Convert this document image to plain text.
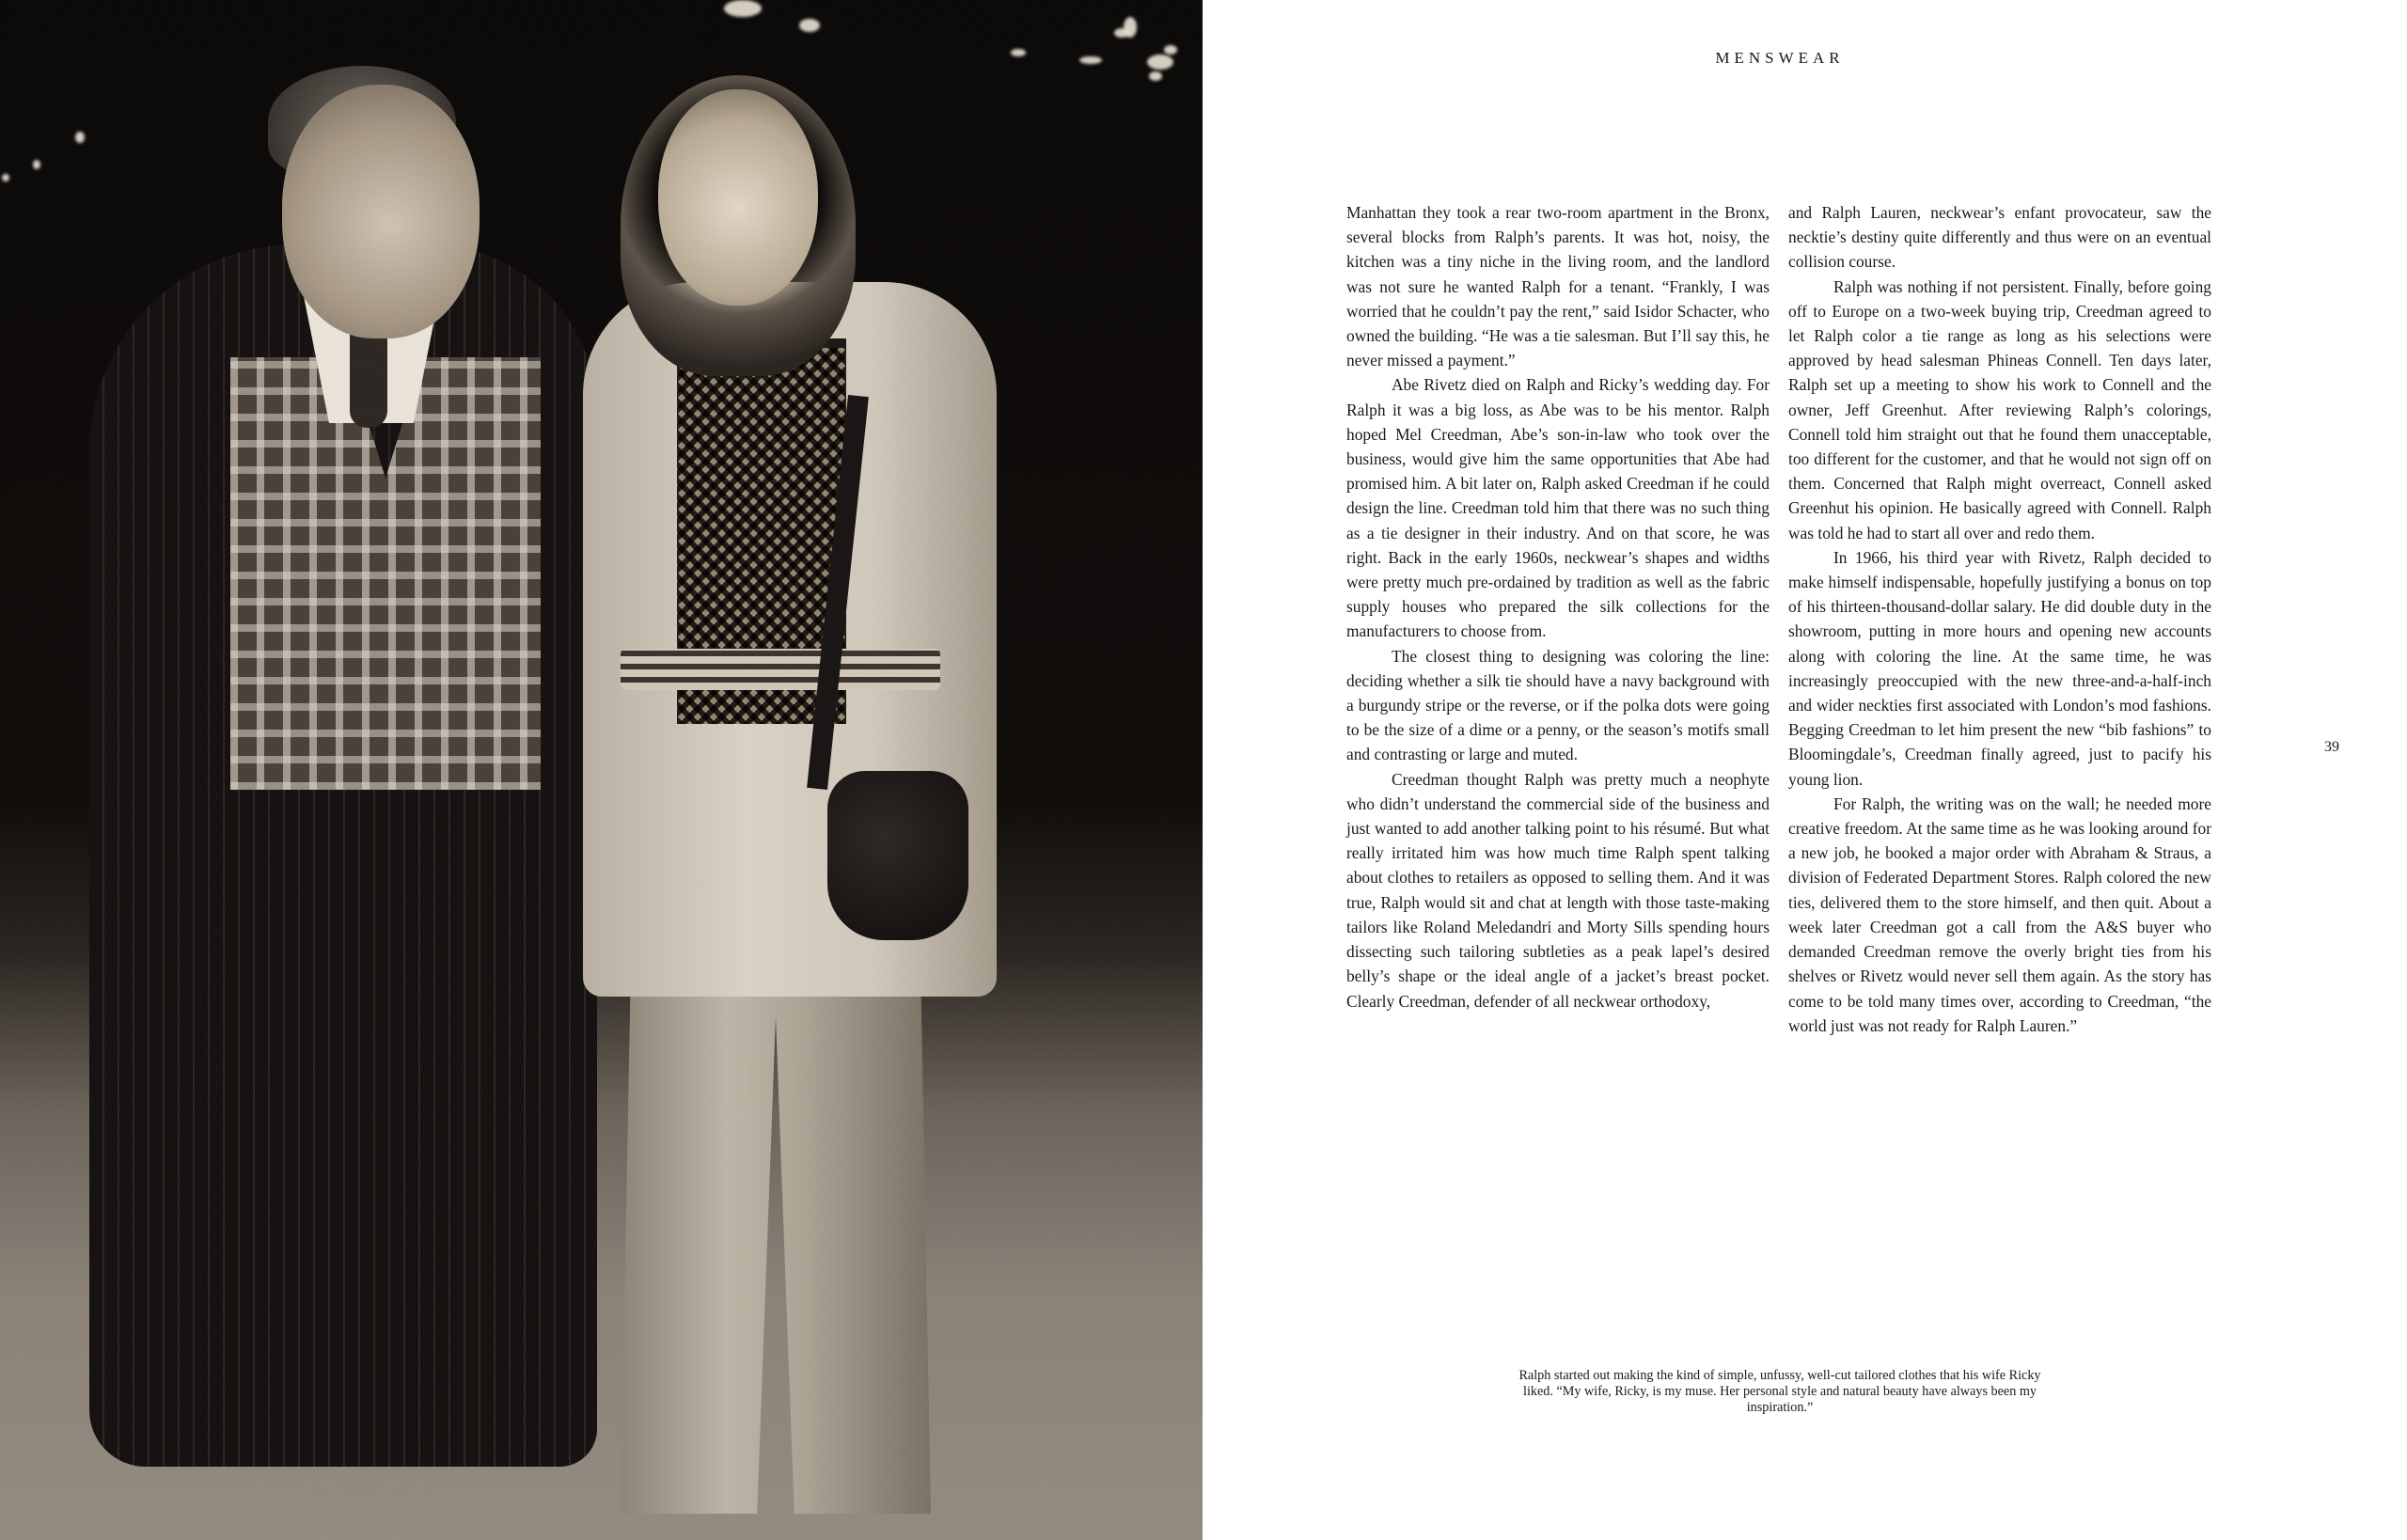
MENSWEAR

Manhattan they took a rear two-room apartment in the Bronx, several blocks from Ralph’s parents. It was hot, noisy, the kitchen was a tiny niche in the living room, and the landlord was not sure he wanted Ralph for a tenant. “Frankly, I was worried that he couldn’t pay the rent,” said Isidor Schacter, who owned the building. “He was a tie salesman. But I’ll say this, he never missed a payment.”

Abe Rivetz died on Ralph and Ricky’s wedding day. For Ralph it was a big loss, as Abe was to be his mentor. Ralph hoped Mel Creedman, Abe’s son-in-law who took over the business, would give him the same opportunities that Abe had promised him. A bit later on, Ralph asked Creedman if he could design the line. Creedman told him that there was no such thing as a tie designer in their industry. And on that score, he was right. Back in the early 1960s, neckwear’s shapes and widths were pretty much pre-ordained by tradition as well as the fabric supply houses who prepared the silk collections for the manufacturers to choose from.

The closest thing to designing was coloring the line: deciding whether a silk tie should have a navy background with a burgundy stripe or the reverse, or if the polka dots were going to be the size of a dime or a penny, or the season’s motifs small and contrasting or large and muted.

Creedman thought Ralph was pretty much a neophyte who didn’t understand the commercial side of the business and just wanted to add another talking point to his résumé. But what really irritated him was how much time Ralph spent talking about clothes to retailers as opposed to selling them. And it was true, Ralph would sit and chat at length with those taste-making tailors like Roland Meledandri and Morty Sills spending hours dissecting such tailoring subtleties as a peak lapel’s desired belly’s shape or the ideal angle of a jacket’s breast pocket. Clearly Creedman, defender of all neckwear orthodoxy,

and Ralph Lauren, neckwear’s enfant provocateur, saw the necktie’s destiny quite differently and thus were on an eventual collision course.

Ralph was nothing if not persistent. Finally, before going off to Europe on a two-week buying trip, Creedman agreed to let Ralph color a tie range as long as his selections were approved by head salesman Phineas Connell. Ten days later, Ralph set up a meeting to show his work to Connell and the owner, Jeff Greenhut. After reviewing Ralph’s colorings, Connell told him straight out that he found them unacceptable, too different for the customer, and that he would not sign off on them. Concerned that Ralph might overreact, Connell asked Greenhut his opinion. He basically agreed with Connell. Ralph was told he had to start all over and redo them.

In 1966, his third year with Rivetz, Ralph decided to make himself indispensable, hopefully justifying a bonus on top of his thirteen-thousand-dollar salary. He did double duty in the showroom, putting in more hours and opening new accounts along with coloring the line. At the same time, he was increasingly preoccupied with the new three-and-a-half-inch and wider neckties first associated with London’s mod fashions. Begging Creedman to let him present the new “bib fashions” to Bloomingdale’s, Creedman finally agreed, just to pacify his young lion.

For Ralph, the writing was on the wall; he needed more creative freedom. At the same time as he was looking around for a new job, he booked a major order with Abraham & Straus, a division of Federated Department Stores. Ralph colored the new ties, delivered them to the store himself, and then quit. About a week later Creedman got a call from the A&S buyer who demanded Creedman remove the overly bright ties from his shelves or Rivetz would never sell them again. As the story has come to be told many times over, according to Creedman, “the world just was not ready for Ralph Lauren.”

39
Ralph started out making the kind of simple, unfussy, well-cut tailored clothes that his wife Ricky liked. “My wife, Ricky, is my muse. Her personal style and natural beauty have always been my inspiration.”
